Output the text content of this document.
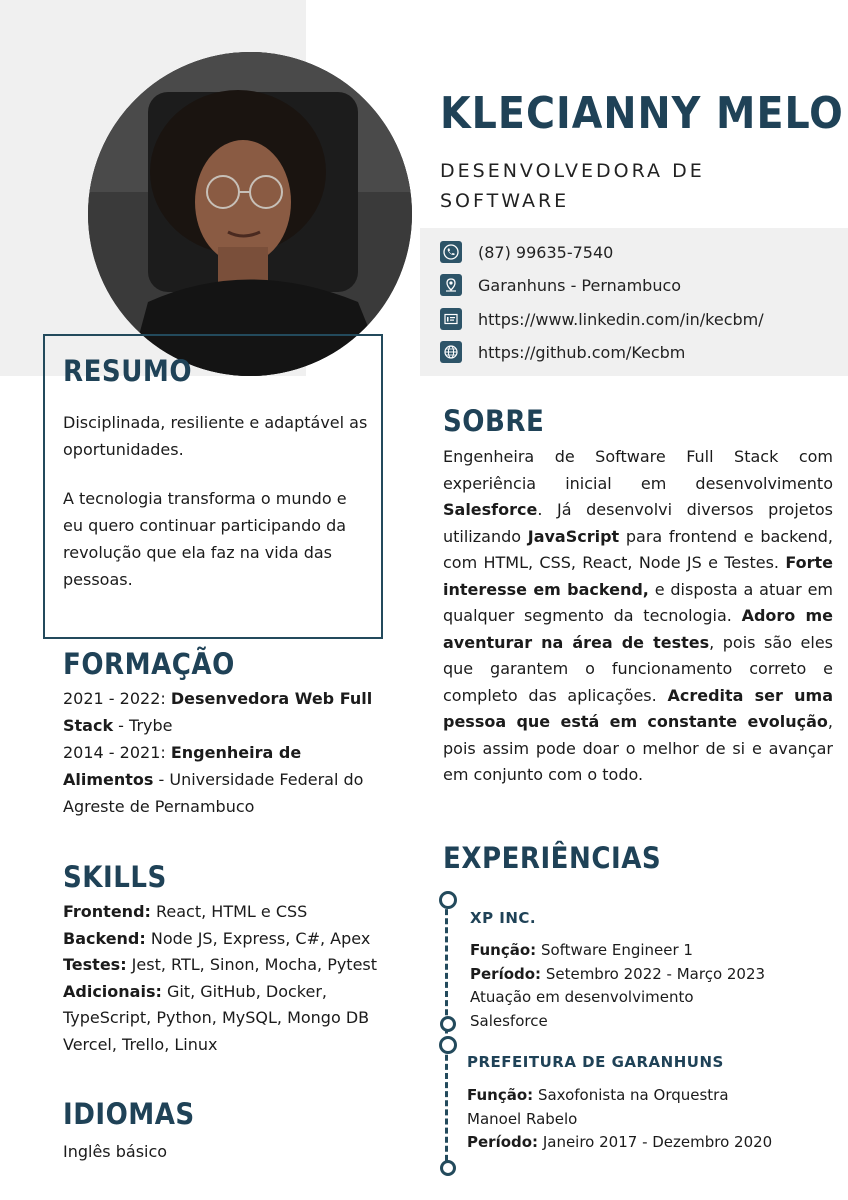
KLECIANNY MELO

DESENVOLVEDORA DE SOFTWARE

(87) 99635-7540
Garanhuns - Pernambuco
https://www.linkedin.com/in/kecbm/
https://github.com/Kecbm
RESUMO

Disciplinada, resiliente e adaptável as oportunidades.

A tecnologia transforma o mundo e eu quero continuar participando da revolução que ela faz na vida das pessoas.

FORMAÇÃO

2021 - 2022: Desenvedora Web Full Stack - Trybe

2014 - 2021: Engenheira de Alimentos - Universidade Federal do Agreste de Pernambuco

SKILLS
Frontend: React, HTML e CSS
Backend: Node JS, Express, C#, Apex
Testes: Jest, RTL, Sinon, Mocha, Pytest
Adicionais: Git, GitHub, Docker, TypeScript, Python, MySQL, Mongo DB Vercel, Trello, Linux
IDIOMAS

Inglês básico

SOBRE

Engenheira de Software Full Stack com experiência inicial em desenvolvimento Salesforce. Já desenvolvi diversos projetos utilizando JavaScript para frontend e backend, com HTML, CSS, React, Node JS e Testes. Forte interesse em backend, e disposta a atuar em qualquer segmento da tecnologia. Adoro me aventurar na área de testes, pois são eles que garantem o funcionamento correto e completo das aplicações. Acredita ser uma pessoa que está em constante evolução, pois assim pode doar o melhor de si e avançar em conjunto com o todo.

EXPERIÊNCIAS

XP INC.

Função: Software Engineer 1
Período: Setembro 2022 - Março 2023
Atuação em desenvolvimento Salesforce

PREFEITURA DE GARANHUNS

Função: Saxofonista na Orquestra Manoel Rabelo
Período: Janeiro 2017 - Dezembro 2020
